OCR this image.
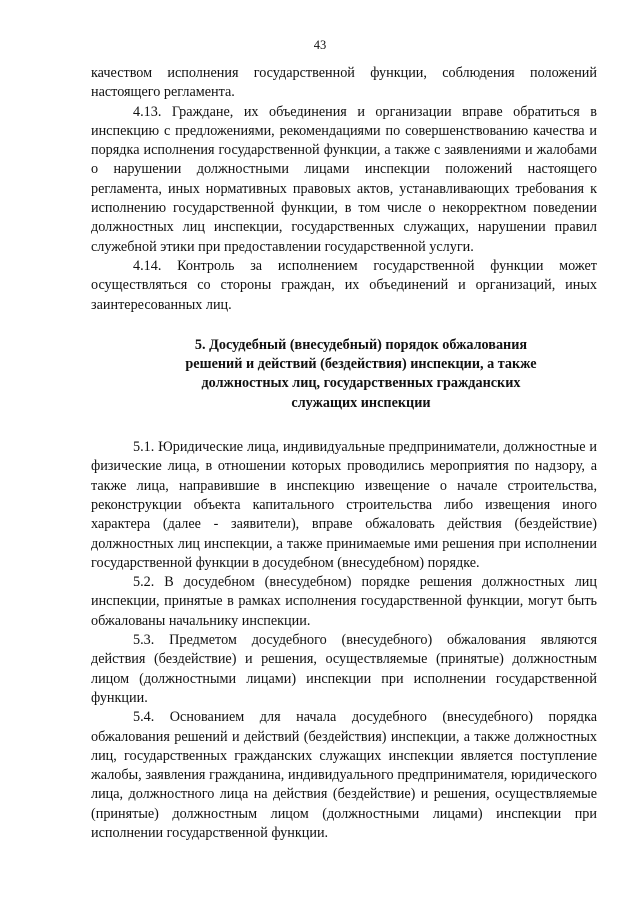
43

качеством исполнения государственной функции, соблюдения положений настоящего регламента.

4.13. Граждане, их объединения и организации вправе обратиться в инспекцию с предложениями, рекомендациями по совершенствованию качества и порядка исполнения государственной функции, а также с заявлениями и жалобами о нарушении должностными лицами инспекции положений настоящего регламента, иных нормативных правовых актов, устанавливающих требования к исполнению государственной функции, в том числе о некорректном поведении должностных лиц инспекции, государственных служащих, нарушении правил служебной этики при предоставлении государственной услуги.

4.14. Контроль за исполнением государственной функции может осуществляться со стороны граждан, их объединений и организаций, иных заинтересованных лиц.

5. Досудебный (внесудебный) порядок обжалования
решений и действий (бездействия) инспекции, а также
должностных лиц, государственных гражданских
служащих инспекции

5.1. Юридические лица, индивидуальные предприниматели, должностные и физические лица, в отношении которых проводились мероприятия по надзору, а также лица, направившие в инспекцию извещение о начале строительства, реконструкции объекта капитального строительства либо извещения иного характера (далее - заявители), вправе обжаловать действия (бездействие) должностных лиц инспекции, а также принимаемые ими решения при исполнении государственной функции в досудебном (внесудебном) порядке.

5.2. В досудебном (внесудебном) порядке решения должностных лиц инспекции, принятые в рамках исполнения государственной функции, могут быть обжалованы начальнику инспекции.

5.3. Предметом досудебного (внесудебного) обжалования являются действия (бездействие) и решения, осуществляемые (принятые) должностным лицом (должностными лицами) инспекции при исполнении государственной функции.

5.4. Основанием для начала досудебного (внесудебного) порядка обжалования решений и действий (бездействия) инспекции, а также должностных лиц, государственных гражданских служащих инспекции является поступление жалобы, заявления гражданина, индивидуального предпринимателя, юридического лица, должностного лица на действия (бездействие) и решения, осуществляемые (принятые) должностным лицом (должностными лицами) инспекции при исполнении государственной функции.
